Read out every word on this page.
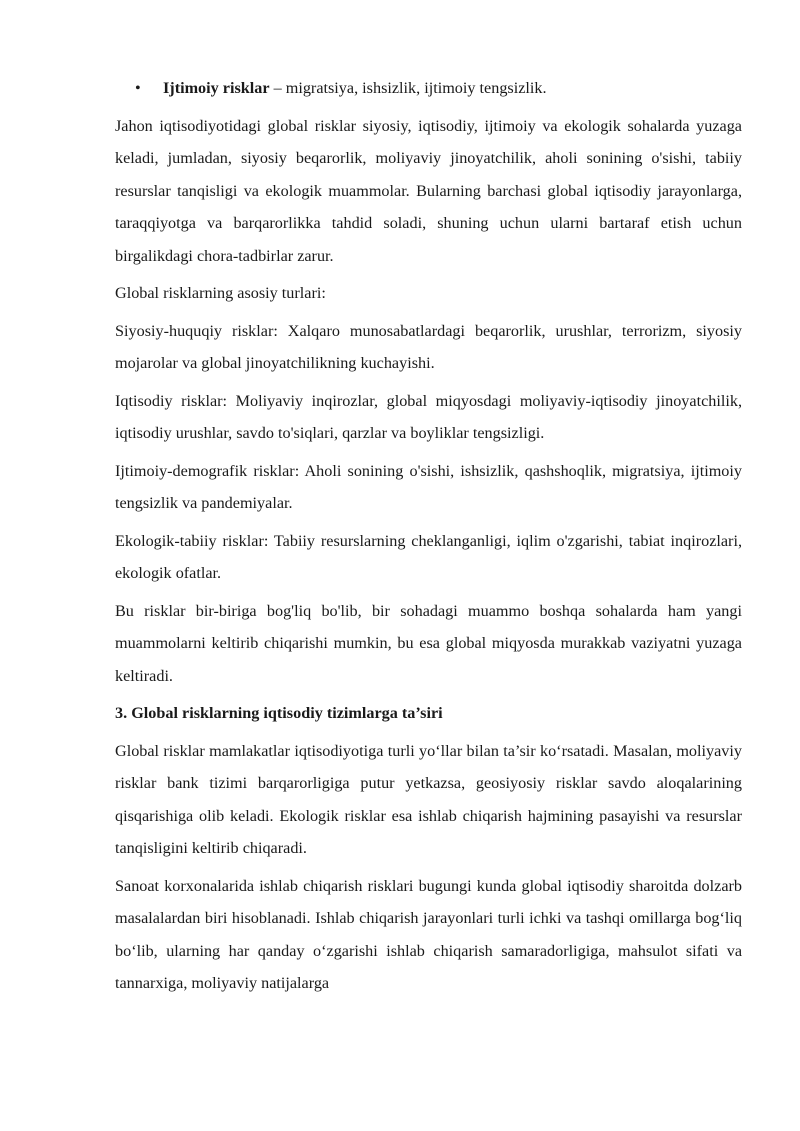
• Ijtimoiy risklar – migratsiya, ishsizlik, ijtimoiy tengsizlik.

Jahon iqtisodiyotidagi global risklar siyosiy, iqtisodiy, ijtimoiy va ekologik sohalarda yuzaga keladi, jumladan, siyosiy beqarorlik, moliyaviy jinoyatchilik, aholi sonining o'sishi, tabiiy resurslar tanqisligi va ekologik muammolar. Bularning barchasi global iqtisodiy jarayonlarga, taraqqiyotga va barqarorlikka tahdid soladi, shuning uchun ularni bartaraf etish uchun birgalikdagi chora-tadbirlar zarur.

Global risklarning asosiy turlari:

Siyosiy-huquqiy risklar: Xalqaro munosabatlardagi beqarorlik, urushlar, terrorizm, siyosiy mojarolar va global jinoyatchilikning kuchayishi.

Iqtisodiy risklar: Moliyaviy inqirozlar, global miqyosdagi moliyaviy-iqtisodiy jinoyatchilik, iqtisodiy urushlar, savdo to'siqlari, qarzlar va boyliklar tengsizligi.

Ijtimoiy-demografik risklar: Aholi sonining o'sishi, ishsizlik, qashshoqlik, migratsiya, ijtimoiy tengsizlik va pandemiyalar.

Ekologik-tabiiy risklar: Tabiiy resurslarning cheklanganligi, iqlim o'zgarishi, tabiat inqirozlari, ekologik ofatlar.

Bu risklar bir-biriga bog'liq bo'lib, bir sohadagi muammo boshqa sohalarda ham yangi muammolarni keltirib chiqarishi mumkin, bu esa global miqyosda murakkab vaziyatni yuzaga keltiradi.

3. Global risklarning iqtisodiy tizimlarga ta’siri

Global risklar mamlakatlar iqtisodiyotiga turli yo‘llar bilan ta’sir ko‘rsatadi. Masalan, moliyaviy risklar bank tizimi barqarorligiga putur yetkazsa, geosiyosiy risklar savdo aloqalarining qisqarishiga olib keladi. Ekologik risklar esa ishlab chiqarish hajmining pasayishi va resurslar tanqisligini keltirib chiqaradi.

Sanoat korxonalarida ishlab chiqarish risklari bugungi kunda global iqtisodiy sharoitda dolzarb masalalardan biri hisoblanadi. Ishlab chiqarish jarayonlari turli ichki va tashqi omillarga bog‘liq bo‘lib, ularning har qanday o‘zgarishi ishlab chiqarish samaradorligiga, mahsulot sifati va tannarxiga, moliyaviy natijalarga
